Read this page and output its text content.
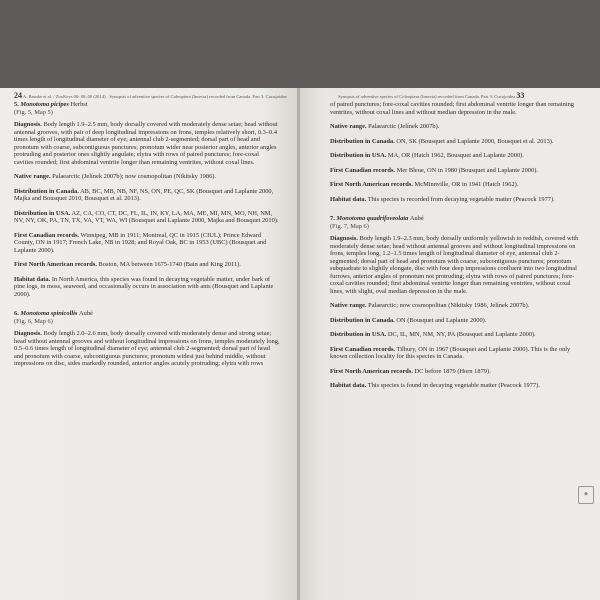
24 A. Brunke et al. / ZooKeys 00: 00–00 (2014) · Synopsis of adventive species of Coleoptera (Insecta) recorded from Canada. Part 3: Cucujoidea
5. Monotoma picipes Herbst
(Fig. 5, Map 5)

Diagnosis. Body length 1.9–2.5 mm, body dorsally covered with moderately dense setae; head without antennal grooves, with pair of deep longitudinal impressions on frons, temples relatively short, 0.3–0.4 times length of longitudinal diameter of eye; antennal club 2-segmented; dorsal part of head and pronotum with coarse, subcontiguous punctures; pronotum wider near posterior angles, anterior angles protruding and posterior ones slightly angulate; elytra with rows of paired punctures; fore-coxal cavities rounded; first abdominal ventrite longer than remaining ventrites, without coxal lines.

Native range. Palaearctic (Jelínek 2007b); now cosmopolitan (Nikitsky 1986).

Distribution in Canada. AB, BC, MB, NB, NF, NS, ON, PE, QC, SK (Bousquet and Laplante 2000, Majka and Bousquet 2010, Bousquet et al. 2013).

Distribution in USA. AZ, CA, CO, CT, DC, FL, IL, IN, KY, LA, MA, ME, MI, MN, MO, NH, NM, NV, NY, OK, PA, TN, TX, VA, VT, WA, WI (Bousquet and Laplante 2000, Majka and Bousquet 2010).

First Canadian records. Winnipeg, MB in 1911; Montreal, QC in 1915 (CIUL); Prince Edward County, ON in 1917; French Lake, NB in 1928; and Royal Oak, BC in 1953 (UBC) (Bousquet and Laplante 2000).

First North American records. Boston, MA between 1675-1740 (Bain and King 2011).

Habitat data. In North America, this species was found in decaying vegetable matter, under bark of pine logs, in moss, seaweed, and occasionally occurs in association with ants (Bousquet and Laplante 2000).

6. Monotoma spinicollis Aubé
(Fig. 6, Map 6)

Diagnosis. Body length 2.0–2.6 mm, body dorsally covered with moderately dense and strong setae; head without antennal grooves and without longitudinal impressions on frons, temples moderately long, 0.5–0.6 times length of longitudinal diameter of eye; antennal club 2-segmented; dorsal part of head and pronotum with coarse, subcontiguous punctures; pronotum widest just behind middle, without impressions on disc, sides markedly rounded, anterior angles acutely protruding; elytra with rows

Synopsis of adventive species of Coleoptera (Insecta) recorded from Canada. Part 3: Cucujoidea 33

of paired punctures; fore-coxal cavities rounded; first abdominal ventrite longer than remaining ventrites, without coxal lines and without median depression in the male.

Native range. Palaearctic (Jelínek 2007b).

Distribution in Canada. ON, SK (Bousquet and Laplante 2000, Bousquet et al. 2013).

Distribution in USA. MA, OR (Hatch 1962, Bousquet and Laplante 2000).

First Canadian records. Mer Bleue, ON in 1980 (Bousquet and Laplante 2000).

First North American records. McMinnville, OR in 1941 (Hatch 1962).

Habitat data. This species is recorded from decaying vegetable matter (Peacock 1977).

7. Monotoma quadrifoveolata Aubé
(Fig. 7, Map 6)

Diagnosis. Body length 1.9–2.3 mm, body dorsally uniformly yellowish to reddish, covered with moderately dense setae; head without antennal grooves and without longitudinal impressions on frons, temples long, 1.2–1.5 times length of longitudinal diameter of eye, antennal club 2-segmented; dorsal part of head and pronotum with coarse, subcontiguous punctures; pronotum subquadrate to slightly elongate, disc with four deep impressions confluent into two longitudinal furrows, anterior angles of pronotum not protruding; elytra with rows of paired punctures; fore-coxal cavities rounded; first abdominal ventrite longer than remaining ventrites, without coxal lines, with slight, oval median depression in the male.

Native range. Palaearctic; now cosmopolitan (Nikitsky 1986, Jelínek 2007b).

Distribution in Canada. ON (Bousquet and Laplante 2000).

Distribution in USA. DC, IL, MN, NM, NY, PA (Bousquet and Laplante 2000).

First Canadian records. Tilbury, ON in 1967 (Bousquet and Laplante 2000). This is the only known collection locality for this species in Canada.

First North American records. DC before 1879 (Horn 1879).

Habitat data. This species is found in decaying vegetable matter (Peacock 1977).

◆
